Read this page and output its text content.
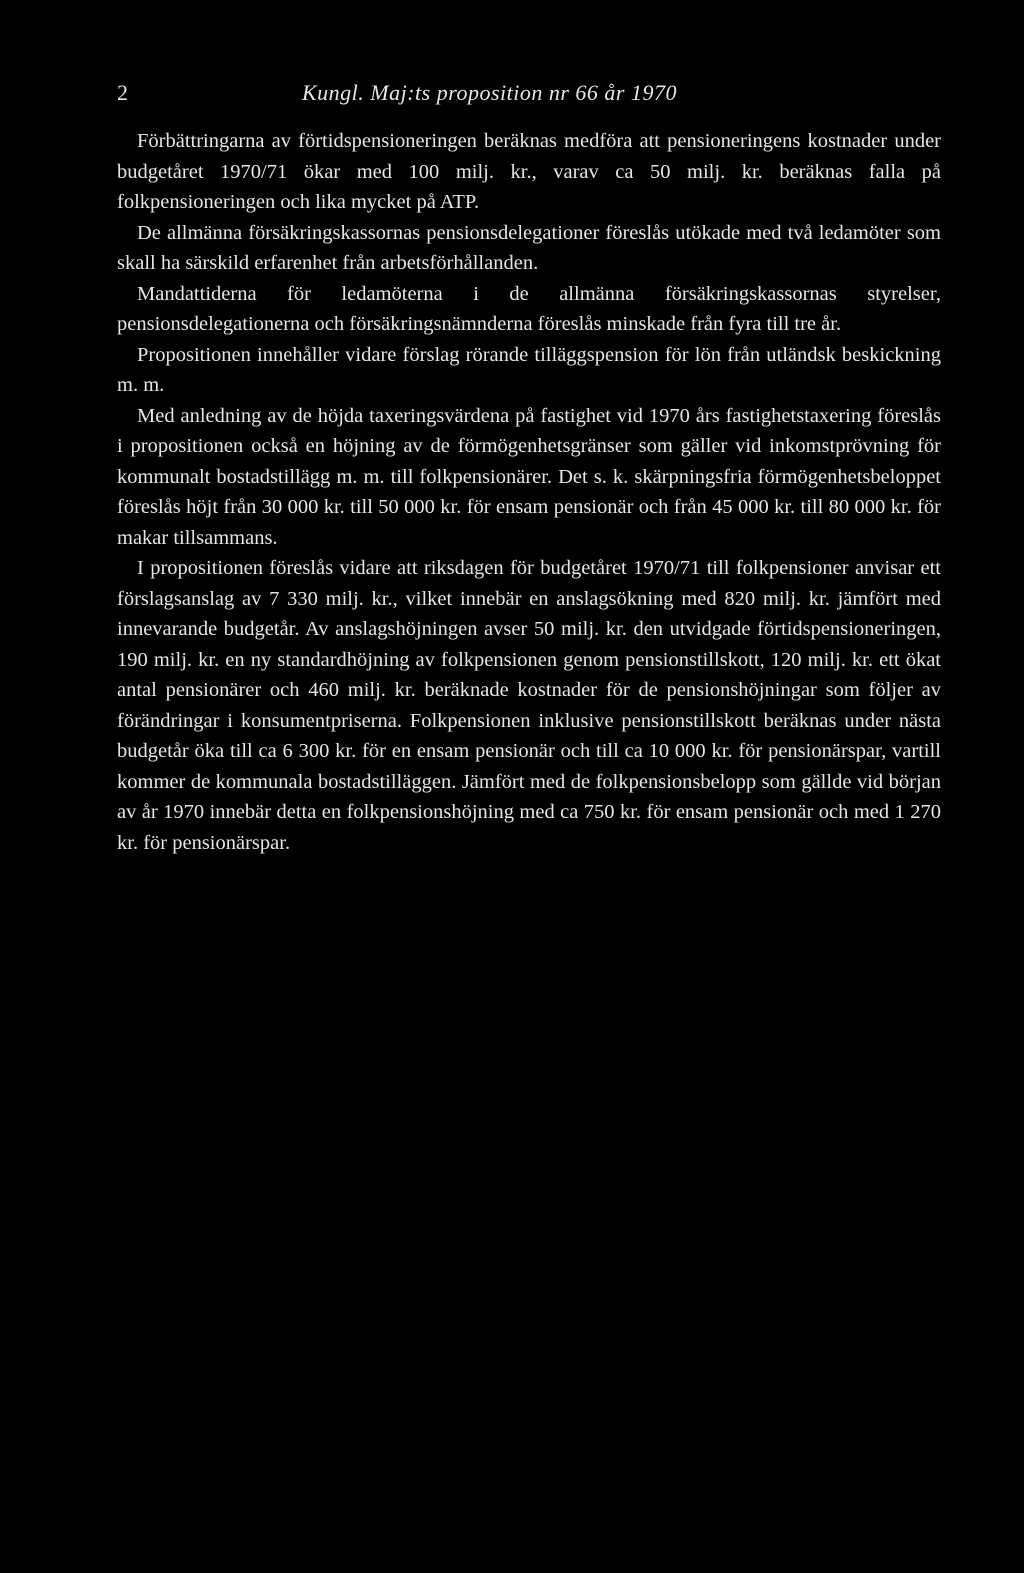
2	Kungl. Maj:ts proposition nr 66 år 1970

Förbättringarna av förtidspensioneringen beräknas medföra att pensioneringens kostnader under budgetåret 1970/71 ökar med 100 milj. kr., varav ca 50 milj. kr. beräknas falla på folkpensioneringen och lika mycket på ATP.

De allmänna försäkringskassornas pensionsdelegationer föreslås utökade med två ledamöter som skall ha särskild erfarenhet från arbetsförhållanden.

Mandattiderna för ledamöterna i de allmänna försäkringskassornas styrelser, pensionsdelegationerna och försäkringsnämnderna föreslås minskade från fyra till tre år.

Propositionen innehåller vidare förslag rörande tilläggspension för lön från utländsk beskickning m. m.

Med anledning av de höjda taxeringsvärdena på fastighet vid 1970 års fastighetstaxering föreslås i propositionen också en höjning av de förmögenhetsgränser som gäller vid inkomstprövning för kommunalt bostadstillägg m. m. till folkpensionärer. Det s. k. skärpningsfria förmögenhetsbeloppet föreslås höjt från 30 000 kr. till 50 000 kr. för ensam pensionär och från 45 000 kr. till 80 000 kr. för makar tillsammans.

I propositionen föreslås vidare att riksdagen för budgetåret 1970/71 till folkpensioner anvisar ett förslagsanslag av 7 330 milj. kr., vilket innebär en anslagsökning med 820 milj. kr. jämfört med innevarande budgetår. Av anslagshöjningen avser 50 milj. kr. den utvidgade förtidspensioneringen, 190 milj. kr. en ny standardhöjning av folkpensionen genom pensionstillskott, 120 milj. kr. ett ökat antal pensionärer och 460 milj. kr. beräknade kostnader för de pensionshöjningar som följer av förändringar i konsumentpriserna. Folkpensionen inklusive pensionstillskott beräknas under nästa budgetår öka till ca 6 300 kr. för en ensam pensionär och till ca 10 000 kr. för pensionärspar, vartill kommer de kommunala bostadstilläggen. Jämfört med de folkpensionsbelopp som gällde vid början av år 1970 innebär detta en folkpensionshöjning med ca 750 kr. för ensam pensionär och med 1 270 kr. för pensionärspar.
